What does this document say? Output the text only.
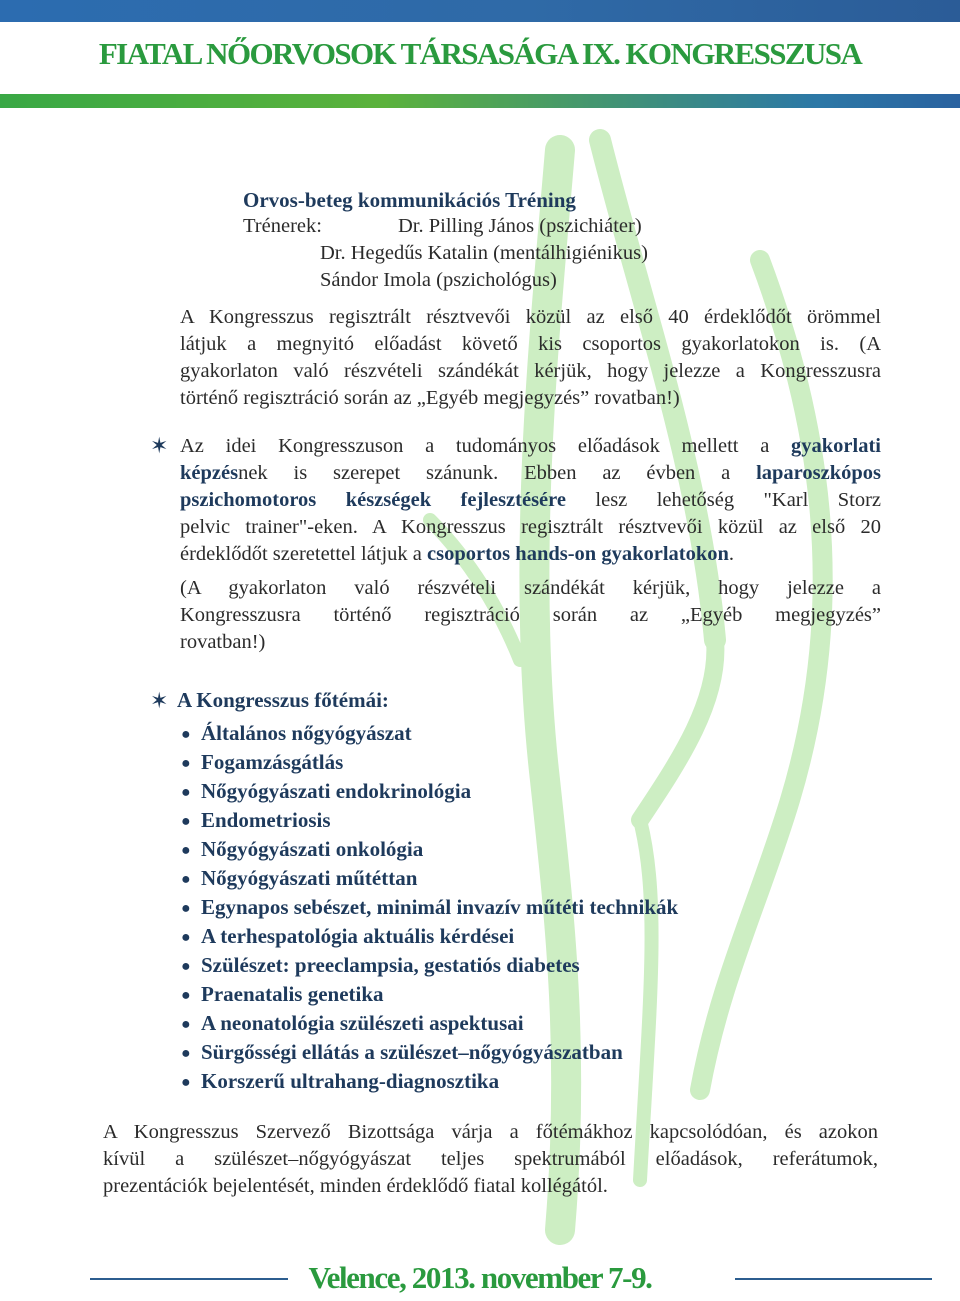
FIATAL NŐORVOSOK TÁRSASÁGA IX. KONGRESSZUSA
Orvos-beteg kommunikációs Tréning
Trénerek:	Dr. Pilling János (pszichiáter)
Dr. Hegedűs Katalin (mentálhigiénikus)
Sándor Imola (pszichológus)
A Kongresszus regisztrált résztvevői közül az első 40 érdeklődőt örömmel
látjuk a megnyitó előadást követő kis csoportos gyakorlatokon is. (A
gyakorlaton való részvételi szándékát kérjük, hogy jelezze a Kongresszusra
történő regisztráció során az „Egyéb megjegyzés” rovatban!)
✶ Az idei Kongresszuson a tudományos előadások mellett a gyakorlati
képzésnek is szerepet szánunk. Ebben az évben a laparoszkópos
pszichomotoros készségek fejlesztésére lesz lehetőség "Karl Storz
pelvic trainer"-eken. A Kongresszus regisztrált résztvevői közül az első 20
érdeklődőt szeretettel látjuk a csoportos hands-on gyakorlatokon.
(A gyakorlaton való részvételi szándékát kérjük, hogy jelezze a
Kongresszusra történő regisztráció során az „Egyéb megjegyzés”
rovatban!)
✶ A Kongresszus főtémái:
● Általános nőgyógyászat
● Fogamzásgátlás
● Nőgyógyászati endokrinológia
● Endometriosis
● Nőgyógyászati onkológia
● Nőgyógyászati műtéttan
● Egynapos sebészet, minimál invazív műtéti technikák
● A terhespatológia aktuális kérdései
● Szülészet: preeclampsia, gestatiós diabetes
● Praenatalis genetika
● A neonatológia szülészeti aspektusai
● Sürgősségi ellátás a szülészet–nőgyógyászatban
● Korszerű ultrahang-diagnosztika
A Kongresszus Szervező Bizottsága várja a főtémákhoz kapcsolódóan, és azokon
kívül a szülészet–nőgyógyászat teljes spektrumából előadások, referátumok,
prezentációk bejelentését, minden érdeklődő fiatal kollégától.
Velence, 2013. november 7-9.
